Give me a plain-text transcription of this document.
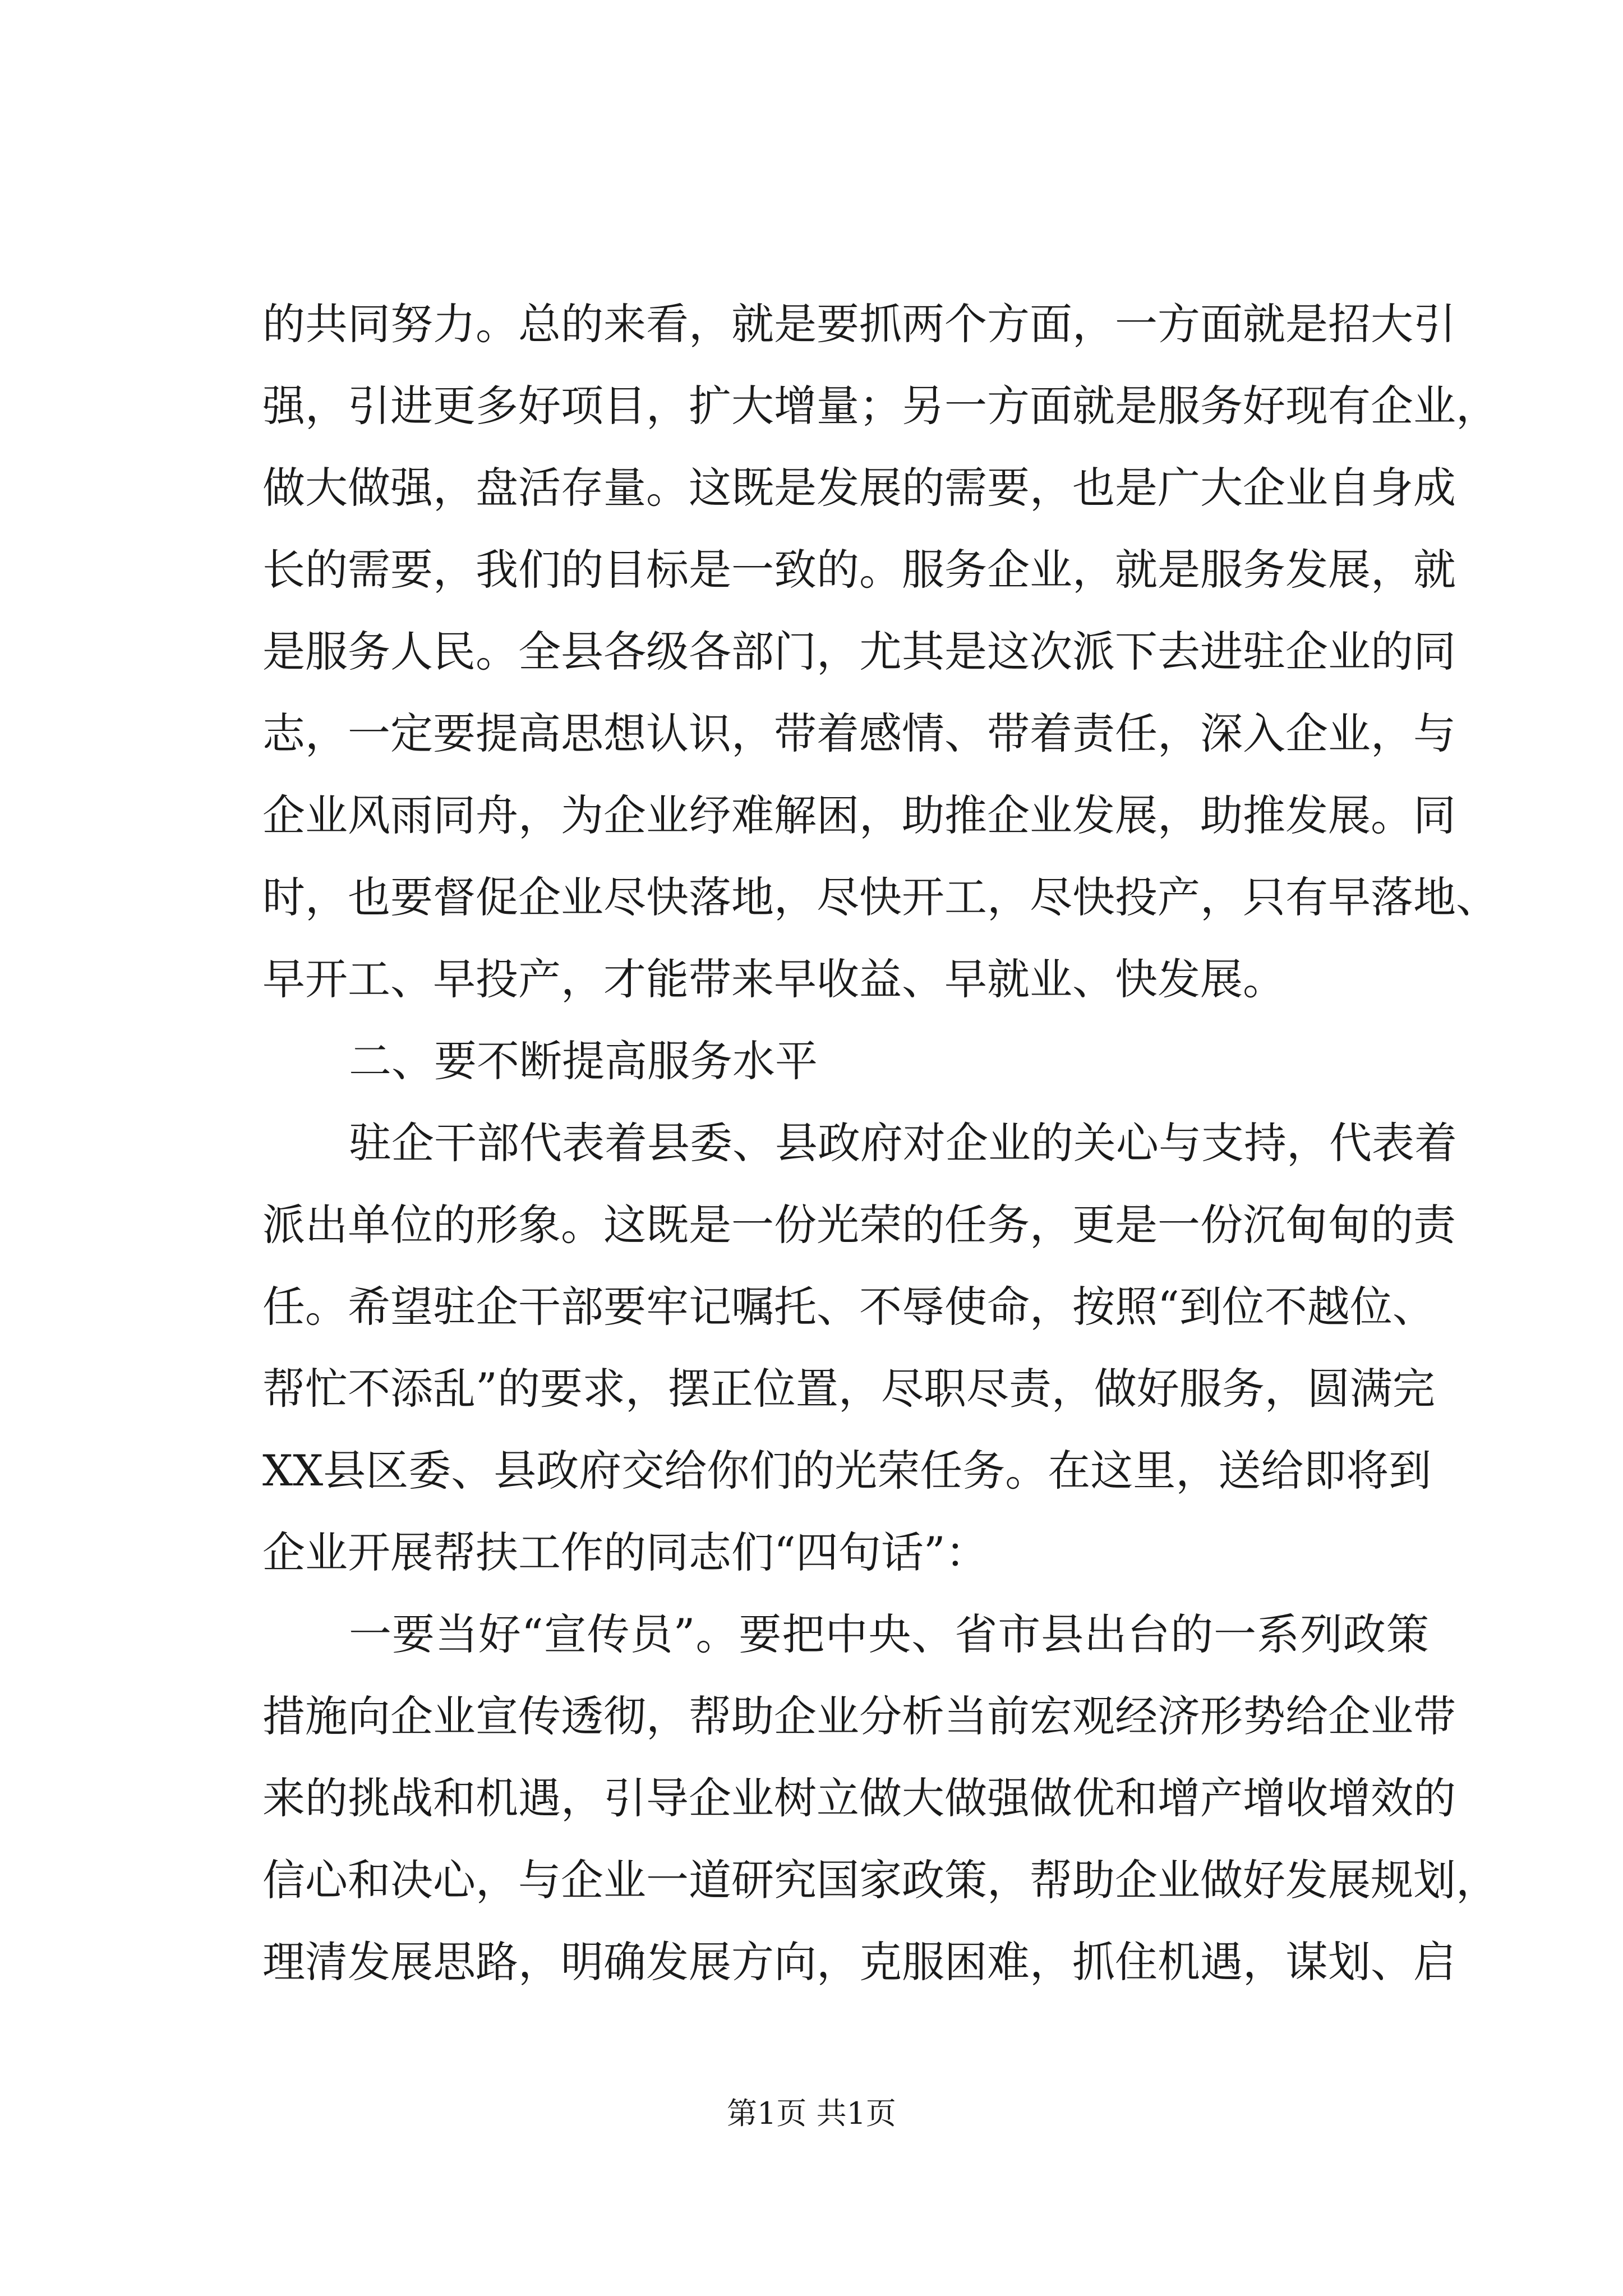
的共同努力。总的来看，就是要抓两个方面，一方面就是招大引
强，引进更多好项目，扩大增量；另一方面就是服务好现有企业，
做大做强，盘活存量。这既是发展的需要，也是广大企业自身成
长的需要，我们的目标是一致的。服务企业，就是服务发展，就
是服务人民。全县各级各部门，尤其是这次派下去进驻企业的同
志，一定要提高思想认识，带着感情、带着责任，深入企业，与
企业风雨同舟，为企业纾难解困，助推企业发展，助推发展。同
时，也要督促企业尽快落地，尽快开工，尽快投产，只有早落地、
早开工、早投产，才能带来早收益、早就业、快发展。
二、要不断提高服务水平
驻企干部代表着县委、县政府对企业的关心与支持，代表着
派出单位的形象。这既是一份光荣的任务，更是一份沉甸甸的责
任。希望驻企干部要牢记嘱托、不辱使命，按照“到位不越位、
帮忙不添乱”的要求，摆正位置，尽职尽责，做好服务，圆满完
XX县区委、县政府交给你们的光荣任务。在这里，送给即将到
企业开展帮扶工作的同志们“四句话”：
一要当好“宣传员”。要把中央、省市县出台的一系列政策
措施向企业宣传透彻，帮助企业分析当前宏观经济形势给企业带
来的挑战和机遇，引导企业树立做大做强做优和增产增收增效的
信心和决心，与企业一道研究国家政策，帮助企业做好发展规划，
理清发展思路，明确发展方向，克服困难，抓住机遇，谋划、启
第1页 共1页
